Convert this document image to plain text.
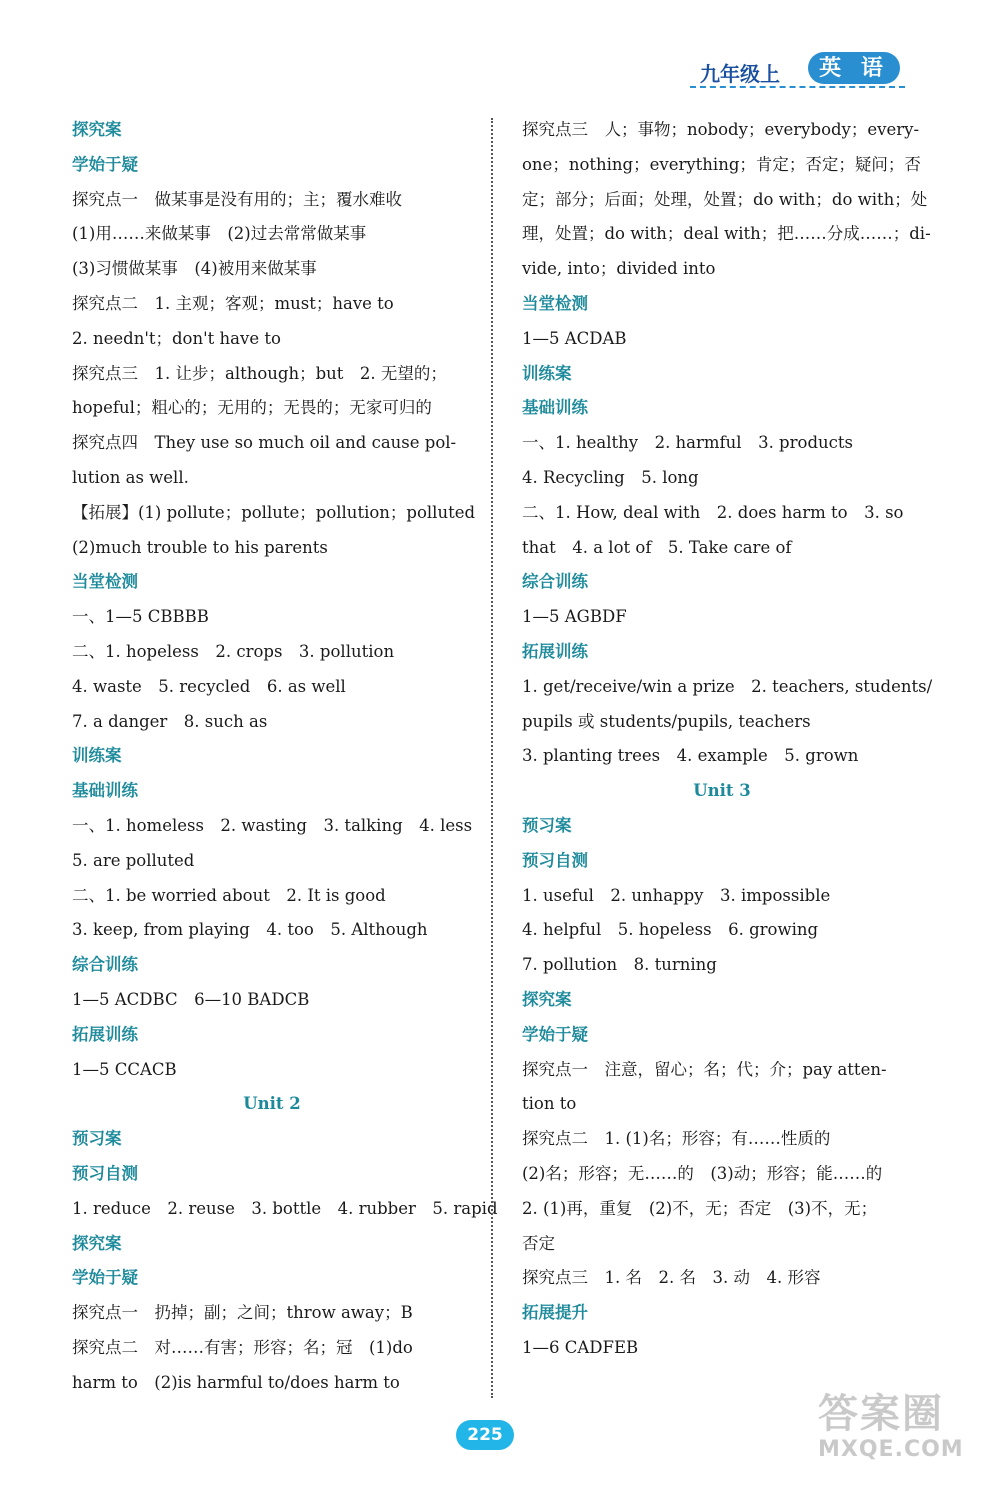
九年级上	英 语
探究案
学始于疑
探究点一　做某事是没有用的；主；覆水难收
(1)用……来做某事　(2)过去常常做某事
(3)习惯做某事　(4)被用来做某事
探究点二　1. 主观；客观；must；have to
2. needn't；don't have to
探究点三　1. 让步；although；but　2. 无望的；
hopeful；粗心的；无用的；无畏的；无家可归的
探究点四　They use so much oil and cause pol-
lution as well.
【拓展】(1) pollute；pollute；pollution；polluted
(2)much trouble to his parents
当堂检测
一、1—5 CBBBB
二、1. hopeless　2. crops　3. pollution
4. waste　5. recycled　6. as well
7. a danger　8. such as
训练案
基础训练
一、1. homeless　2. wasting　3. talking　4. less
5. are polluted
二、1. be worried about　2. It is good
3. keep, from playing　4. too　5. Although
综合训练
1—5 ACDBC　6—10 BADCB
拓展训练
1—5 CCACB
Unit 2
预习案
预习自测
1. reduce　2. reuse　3. bottle　4. rubber　5. rapid
探究案
学始于疑
探究点一　扔掉；副；之间；throw away；B
探究点二　对……有害；形容；名；冠　(1)do
harm to　(2)is harmful to/does harm to
探究点三　人；事物；nobody；everybody；every-
one；nothing；everything；肯定；否定；疑问；否
定；部分；后面；处理，处置；do with；do with；处
理，处置；do with；deal with；把……分成……；di-
vide, into；divided into
当堂检测
1—5 ACDAB
训练案
基础训练
一、1. healthy　2. harmful　3. products
4. Recycling　5. long
二、1. How, deal with　2. does harm to　3. so
that　4. a lot of　5. Take care of
综合训练
1—5 AGBDF
拓展训练
1. get/receive/win a prize　2. teachers, students/
pupils 或 students/pupils, teachers
3. planting trees　4. example　5. grown
Unit 3
预习案
预习自测
1. useful　2. unhappy　3. impossible
4. helpful　5. hopeless　6. growing
7. pollution　8. turning
探究案
学始于疑
探究点一　注意，留心；名；代；介；pay atten-
tion to
探究点二　1. (1)名；形容；有……性质的
(2)名；形容；无……的　(3)动；形容；能……的
2. (1)再，重复　(2)不，无；否定　(3)不，无；
否定
探究点三　1. 名　2. 名　3. 动　4. 形容
拓展提升
1—6 CADFEB
225	答案圈
MXQE.COM
